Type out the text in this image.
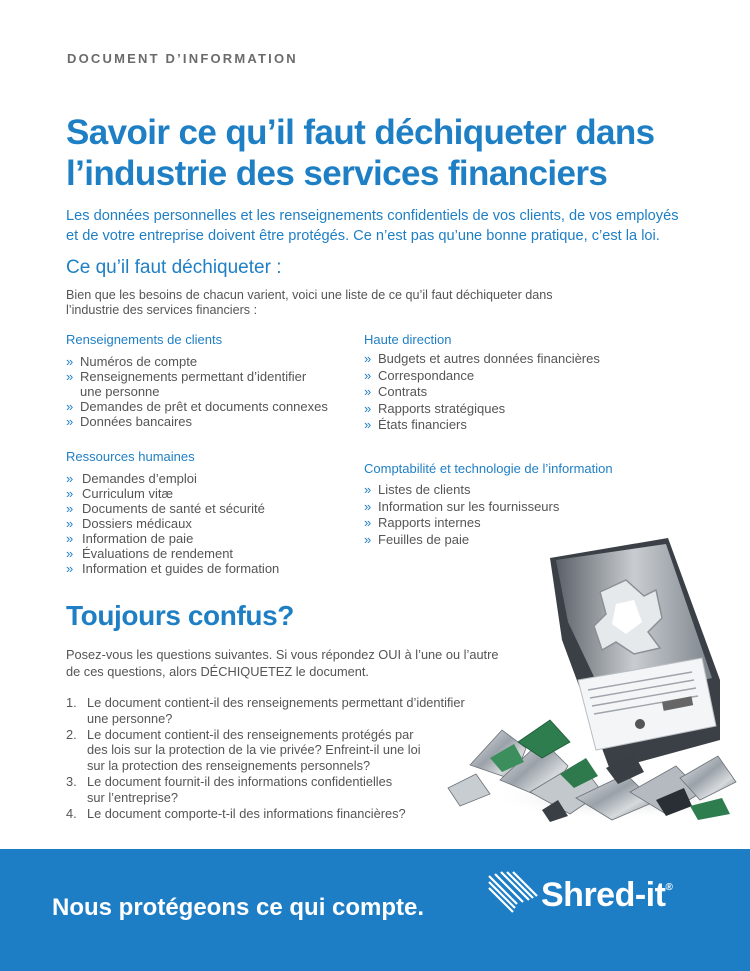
DOCUMENT D’INFORMATION
Savoir ce qu’il faut déchiqueter dans
l’industrie des services financiers
Les données personnelles et les renseignements confidentiels de vos clients, de vos employés
et de votre entreprise doivent être protégés. Ce n’est pas qu’une bonne pratique, c’est la loi.
Ce qu’il faut déchiqueter :
Bien que les besoins de chacun varient, voici une liste de ce qu’il faut déchiqueter dans
l’industrie des services financiers :
Renseignements de clients
» Numéros de compte
» Renseignements permettant d’identifier
une personne
» Demandes de prêt et documents connexes
» Données bancaires
Ressources humaines
» Demandes d’emploi
» Curriculum vitæ
» Documents de santé et sécurité
» Dossiers médicaux
» Information de paie
» Évaluations de rendement
» Information et guides de formation
Haute direction
» Budgets et autres données financières
» Correspondance
» Contrats
» Rapports stratégiques
» États financiers
Comptabilité et technologie de l’information
» Listes de clients
» Information sur les fournisseurs
» Rapports internes
» Feuilles de paie
Toujours confus?
Posez-vous les questions suivantes. Si vous répondez OUI à l’une ou l’autre
de ces questions, alors DÉCHIQUETEZ le document.
1. Le document contient-il des renseignements permettant d’identifier
une personne?
2. Le document contient-il des renseignements protégés par
des lois sur la protection de la vie privée? Enfreint-il une loi
sur la protection des renseignements personnels?
3. Le document fournit-il des informations confidentielles
sur l’entreprise?
4. Le document comporte-t-il des informations financières?
Nous protégeons ce qui compte.	Shred-it®
